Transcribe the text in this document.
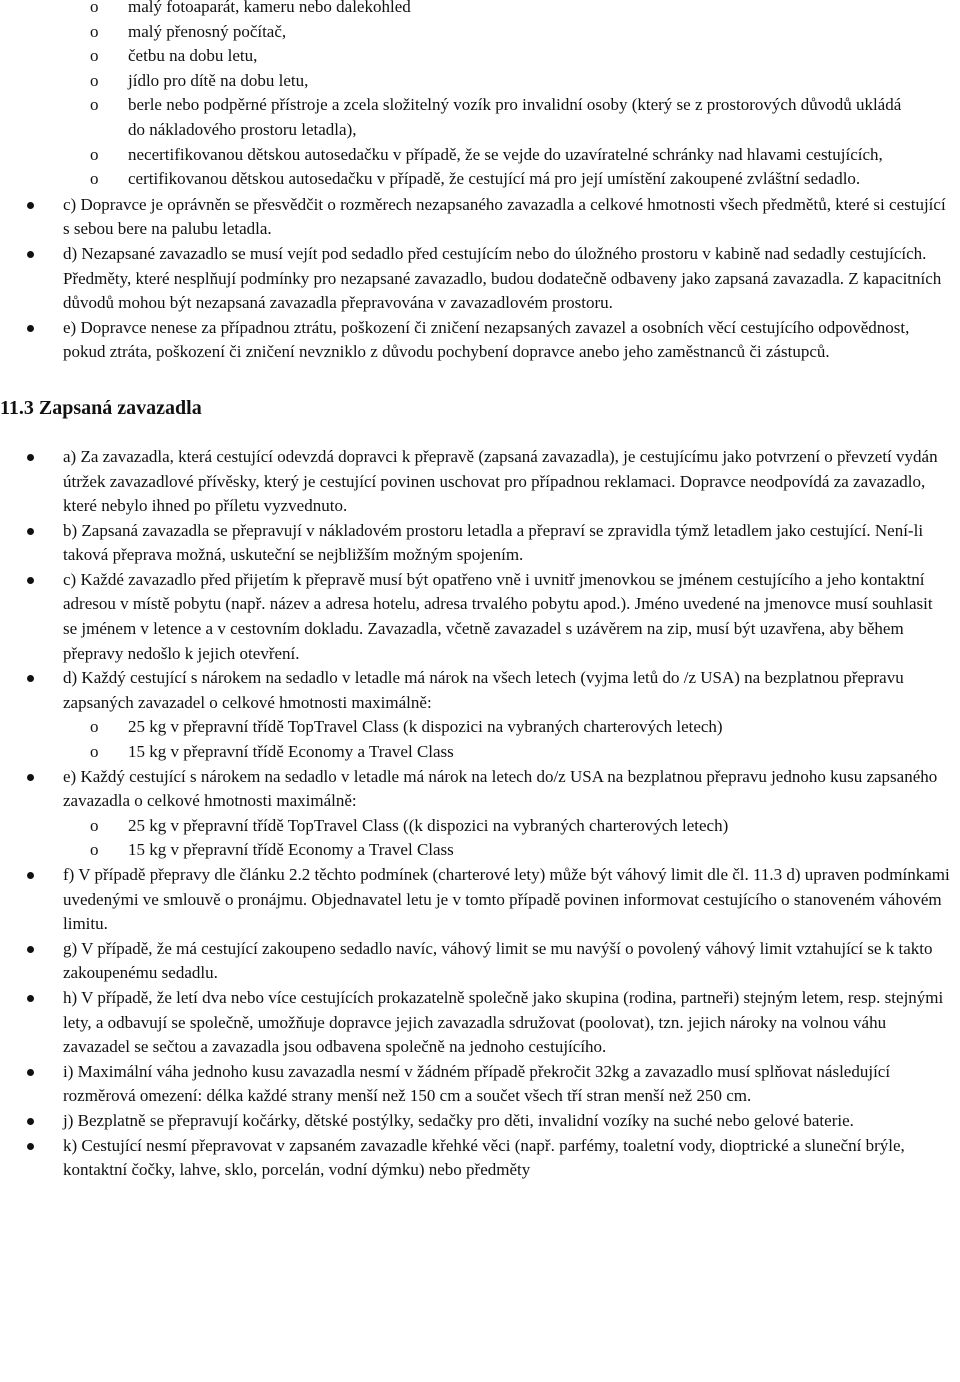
o malý fotoaparát, kameru nebo dalekohled
o malý přenosný počítač,
o četbu na dobu letu,
o jídlo pro dítě na dobu letu,
o berle nebo podpěrné přístroje a zcela složitelný vozík pro invalidní osoby (který se z prostorových důvodů ukládá do nákladového prostoru letadla),
o necertifikovanou dětskou autosedačku v případě, že se vejde do uzavíratelné schránky nad hlavami cestujících,
o certifikovanou dětskou autosedačku v případě, že cestující má pro její umístění zakoupené zvláštní sedadlo.
c) Dopravce je oprávněn se přesvědčit o rozměrech nezapsaného zavazadla a celkové hmotnosti všech předmětů, které si cestující s sebou bere na palubu letadla.
d) Nezapsané zavazadlo se musí vejít pod sedadlo před cestujícím nebo do úložného prostoru v kabině nad sedadly cestujících. Předměty, které nesplňují podmínky pro nezapsané zavazadlo, budou dodatečně odbaveny jako zapsaná zavazadla. Z kapacitních důvodů mohou být nezapsaná zavazadla přepravována v zavazadlovém prostoru.
e) Dopravce nenese za případnou ztrátu, poškození či zničení nezapsaných zavazel a osobních věcí cestujícího odpovědnost, pokud ztráta, poškození či zničení nevzniklo z důvodu pochybení dopravce anebo jeho zaměstnanců či zástupců.
11.3 Zapsaná zavazadla
a) Za zavazadla, která cestující odevzdá dopravci k přepravě (zapsaná zavazadla), je cestujícímu jako potvrzení o převzetí vydán útržek zavazadlové přívěsky, který je cestující povinen uschovat pro případnou reklamaci. Dopravce neodpovídá za zavazadlo, které nebylo ihned po příletu vyzvednuto.
b) Zapsaná zavazadla se přepravují v nákladovém prostoru letadla a přepraví se zpravidla týmž letadlem jako cestující. Není-li taková přeprava možná, uskuteční se nejbližším možným spojením.
c) Každé zavazadlo před přijetím k přepravě musí být opatřeno vně i uvnitř jmenovkou se jménem cestujícího a jeho kontaktní adresou v místě pobytu (např. název a adresa hotelu, adresa trvalého pobytu apod.). Jméno uvedené na jmenovce musí souhlasit se jménem v letence a v cestovním dokladu. Zavazadla, včetně zavazadel s uzávěrem na zip, musí být uzavřena, aby během přepravy nedošlo k jejich otevření.
d) Každý cestující s nárokem na sedadlo v letadle má nárok na všech letech (vyjma letů do /z USA) na bezplatnou přepravu zapsaných zavazadel o celkové hmotnosti maximálně:
o 25 kg v přepravní třídě TopTravel Class (k dispozici na vybraných charterových letech)
o 15 kg v přepravní třídě Economy a Travel Class
e) Každý cestující s nárokem na sedadlo v letadle má nárok na letech do/z USA na bezplatnou přepravu jednoho kusu zapsaného zavazadla o celkové hmotnosti maximálně:
o 25 kg v přepravní třídě TopTravel Class ((k dispozici na vybraných charterových letech)
o 15 kg v přepravní třídě Economy a Travel Class
f) V případě přepravy dle článku 2.2 těchto podmínek (charterové lety) může být váhový limit dle čl. 11.3 d) upraven podmínkami uvedenými ve smlouvě o pronájmu. Objednavatel letu je v tomto případě povinen informovat cestujícího o stanoveném váhovém limitu.
g) V případě, že má cestující zakoupeno sedadlo navíc, váhový limit se mu navýší o povolený váhový limit vztahující se k takto zakoupenému sedadlu.
h) V případě, že letí dva nebo více cestujících prokazatelně společně jako skupina (rodina, partneři) stejným letem, resp. stejnými lety, a odbavují se společně, umožňuje dopravce jejich zavazadla sdružovat (poolovat), tzn. jejich nároky na volnou váhu zavazadel se sečtou a zavazadla jsou odbavena společně na jednoho cestujícího.
i) Maximální váha jednoho kusu zavazadla nesmí v žádném případě překročit 32kg a zavazadlo musí splňovat následující rozměrová omezení: délka každé strany menší než 150 cm a součet všech tří stran menší než 250 cm.
j) Bezplatně se přepravují kočárky, dětské postýlky, sedačky pro děti, invalidní vozíky na suché nebo gelové baterie.
k) Cestující nesmí přepravovat v zapsaném zavazadle křehké věci (např. parfémy, toaletní vody, dioptrické a sluneční brýle, kontaktní čočky, lahve, sklo, porcelán, vodní dýmku) nebo předměty
